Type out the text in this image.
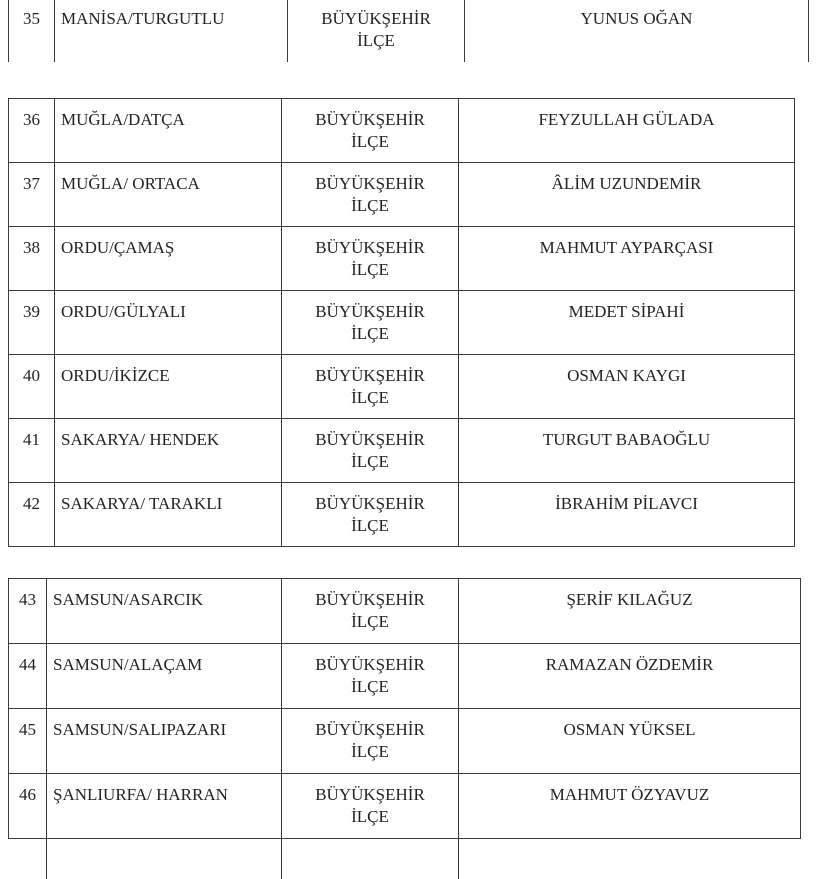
35	MANİSA/TURGUTLU	BÜYÜKŞEHİR
İLÇE
	YUNUS OĞAN
36	MUĞLA/DATÇA	BÜYÜKŞEHİR
İLÇE	FEYZULLAH GÜLADA
37	MUĞLA/ ORTACA	BÜYÜKŞEHİR
İLÇE	ÂLİM UZUNDEMİR
38	ORDU/ÇAMAŞ	BÜYÜKŞEHİR
İLÇE	MAHMUT AYPARÇASI
39	ORDU/GÜLYALI	BÜYÜKŞEHİR
İLÇE	MEDET SİPAHİ
40	ORDU/İKİZCE	BÜYÜKŞEHİR
İLÇE	OSMAN KAYGI
41	SAKARYA/ HENDEK	BÜYÜKŞEHİR
İLÇE	TURGUT BABAOĞLU
42	SAKARYA/ TARAKLI	BÜYÜKŞEHİR
İLÇE	İBRAHİM PİLAVCI
43	SAMSUN/ASARCIK	BÜYÜKŞEHİR
İLÇE	ŞERİF KILAĞUZ
44	SAMSUN/ALAÇAM	BÜYÜKŞEHİR
İLÇE	RAMAZAN ÖZDEMİR
45	SAMSUN/SALIPAZARI	BÜYÜKŞEHİR
İLÇE	OSMAN YÜKSEL
46	ŞANLIURFA/ HARRAN	BÜYÜKŞEHİR
İLÇE	MAHMUT ÖZYAVUZ
